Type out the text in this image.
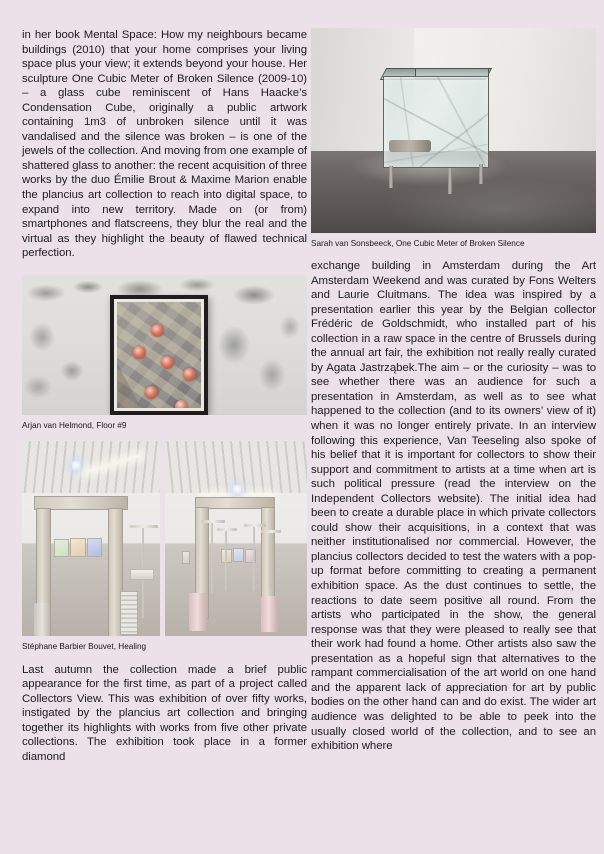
in her book Mental Space: How my neighbours became buildings (2010) that your home comprises your living space plus your view; it extends beyond your house. Her sculpture One Cubic Meter of Broken Silence (2009-10) – a glass cube reminiscent of Hans Haacke’s Condensation Cube, originally a public artwork containing 1m3 of unbroken silence until it was vandalised and the silence was broken – is one of the jewels of the collection. And moving from one example of shattered glass to another: the recent acquisition of three works by the duo Émilie Brout & Maxime Marion enable the plancius art collection to reach into digital space, to expand into new territory. Made on (or from) smartphones and flatscreens, they blur the real and the virtual as they highlight the beauty of flawed technical perfection.

Arjan van Helmond, Floor #9

Stéphane Barbier Bouvet, Healing

Last autumn the collection made a brief public appearance for the first time, as part of a project called Collectors View. This was exhibition of over fifty works, instigated by the plancius art collection and bringing together its highlights with works from five other private collections. The exhibition took place in a former diamond

Sarah van Sonsbeeck, One Cubic Meter of Broken Silence

exchange building in Amsterdam during the Art Amsterdam Weekend and was curated by Fons Welters and Laurie Cluitmans. The idea was inspired by a presentation earlier this year by the Belgian collector Frédéric de Goldschmidt, who installed part of his collection in a raw space in the centre of Brussels during the annual art fair, the exhibition not really really curated by Agata Jastrząbek.The aim – or the curiosity – was to see whether there was an audience for such a presentation in Amsterdam, as well as to see what happened to the collection (and to its owners’ view of it) when it was no longer entirely private. In an interview following this experience, Van Teeseling also spoke of his belief that it is important for collectors to show their support and commitment to artists at a time when art is such political pressure (read the interview on the Independent Collectors website). The initial idea had been to create a durable place in which private collectors could show their acquisitions, in a context that was neither institutionalised nor commercial. However, the plancius collectors decided to test the waters with a pop-up format before committing to creating a permanent exhibition space. As the dust continues to settle, the reactions to date seem positive all round. From the artists who participated in the show, the general response was that they were pleased to really see that their work had found a home. Other artists also saw the presentation as a hopeful sign that alternatives to the rampant commercialisation of the art world on one hand and the apparent lack of appreciation for art by public bodies on the other hand can and do exist. The wider art audience was delighted to be able to peek into the usually closed world of the collection, and to see an exhibition where
